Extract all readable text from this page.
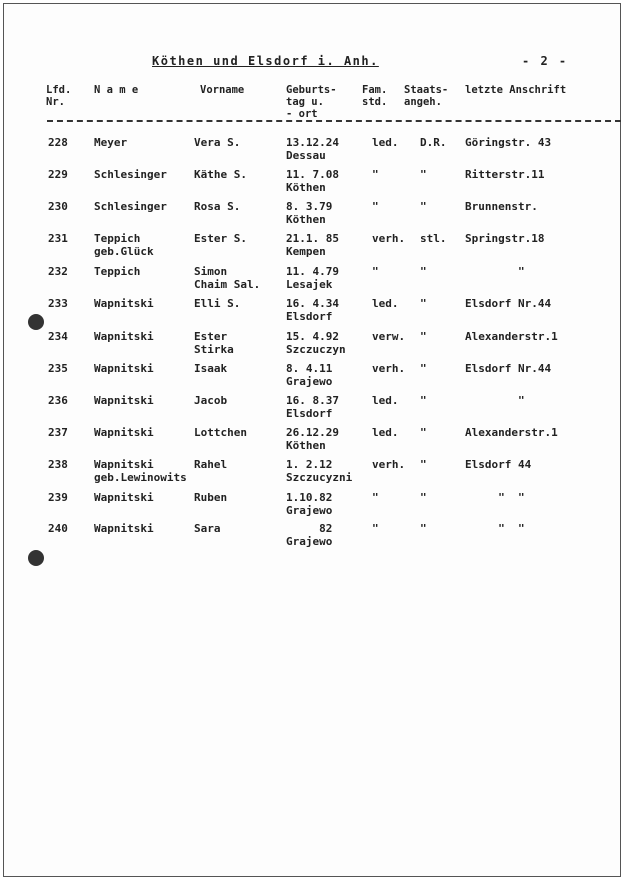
Köthen und Elsdorf i. Anh.	- 2 -
Lfd.
Nr.
N a m e	Vorname	Geburts-
tag u.
- ort
Fam.
std.
Staats-
angeh.
letzte Anschrift
228 Meyer	Vera S.	13.12.24
Dessau
led. D.R. Göringstr. 43
229 Schlesinger Käthe S.	11. 7.08
Köthen
"	"	Ritterstr.11
230 Schlesinger Rosa S.	8. 3.79
Köthen
"	"	Brunnenstr.
231 Teppich
geb.Glück
Ester S.	21.1. 85
Kempen
verh. stl. Springstr.18
232 Teppich	Simon
Chaim Sal.
11. 4.79
Lesajek
"	"	"
233 Wapnitski	Elli S.	16. 4.34
Elsdorf
led. "	Elsdorf Nr.44
234 Wapnitski	Ester
Stirka
15. 4.92
Szczuczyn
verw. "	Alexanderstr.1
235 Wapnitski	Isaak	8. 4.11
Grajewo
verh. "	Elsdorf Nr.44
236 Wapnitski	Jacob	16. 8.37
Elsdorf
led. "	"
237 Wapnitski	Lottchen	26.12.29
Köthen
led. "	Alexanderstr.1
238 Wapnitski
geb.Lewinowits
Rahel	1. 2.12
Szczucyzni
verh. "	Elsdorf 44
239 Wapnitski	Ruben	1.10.82
Grajewo
"	"	"  "
240 Wapnitski	Sara	82
Grajewo
"	"	"  "
